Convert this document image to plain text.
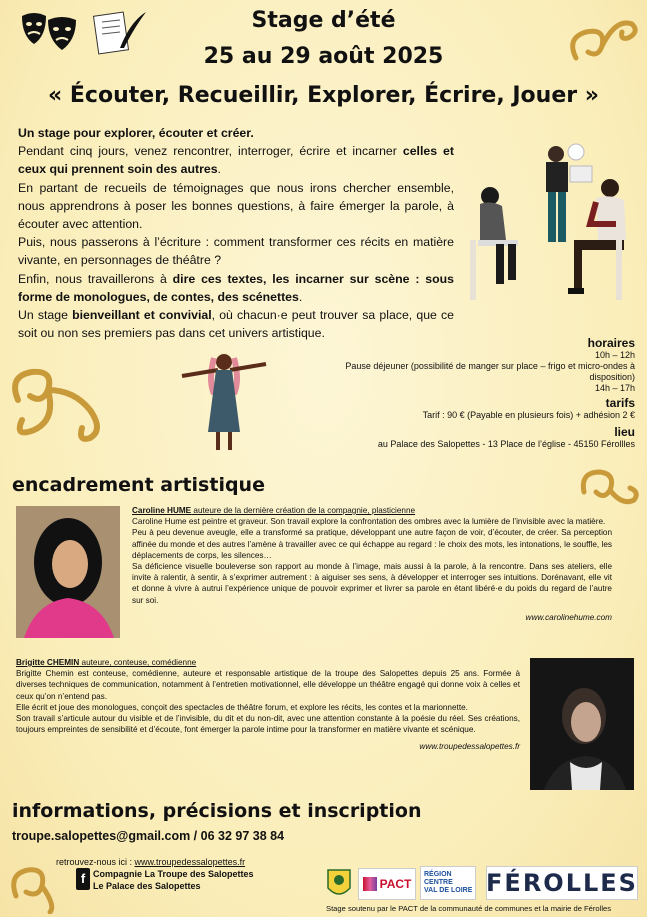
Stage d’été
25 au 29 août 2025
« Écouter, Recueillir, Explorer, Écrire, Jouer »

Un stage pour explorer, écouter et créer.

Pendant cinq jours, venez rencontrer, interroger, écrire et incarner celles et ceux qui prennent soin des autres.

En partant de recueils de témoignages que nous irons chercher ensemble, nous apprendrons à poser les bonnes questions, à faire émerger la parole, à écouter avec attention.

Puis, nous passerons à l’écriture : comment transformer ces récits en matière vivante, en personnages de théâtre ?

Enfin, nous travaillerons à dire ces textes, les incarner sur scène : sous forme de monologues, de contes, des scénettes.

Un stage bienveillant et convivial, où chacun·e peut trouver sa place, que ce soit ou non ses premiers pas dans cet univers artistique.

horaires
10h – 12h
Pause déjeuner (possibilité de manger sur place – frigo et micro-ondes à
disposition)
14h – 17h
tarifs
Tarif : 90 € (Payable en plusieurs fois) + adhésion 2 €
lieu
au Palace des Salopettes - 13 Place de l’église - 45150 Férollles
encadrement artistique
Caroline HUME auteure de la dernière création de la compagnie, plasticienne
Caroline Hume est peintre et graveur. Son travail explore la confrontation des ombres avec la lumière de l’invisible avec la matière.
Peu à peu devenue aveugle, elle a transformé sa pratique, développant une autre façon de voir, d’écouter, de créer. Sa perception affinée du monde et des autres l’amène à travailler avec ce qui échappe au regard : le choix des mots, les intonations, le souffle, les déplacements de corps, les silences…
Sa déficience visuelle bouleverse son rapport au monde à l’image, mais aussi à la parole, à la rencontre. Dans ses ateliers, elle invite à ralentir, à sentir, à s’exprimer autrement : à aiguiser ses sens, à développer et interroger ses intuitions. Dorénavant, elle vit et donne à vivre à autrui l’expérience unique de pouvoir exprimer et livrer sa parole en étant libéré·e du poids du regard de l’autre sur soi.
www.carolinehume.com
Brigitte CHEMIN auteure, conteuse, comédienne
Brigitte Chemin est conteuse, comédienne, auteure et responsable artistique de la troupe des Salopettes depuis 25 ans. Formée à diverses techniques de communication, notamment à l’entretien motivationnel, elle développe un théâtre engagé qui donne voix à celles et ceux qu’on n’entend pas.
Elle écrit et joue des monologues, conçoit des spectacles de théâtre forum, et explore les récits, les contes et la marionnette.
Son travail s’articule autour du visible et de l’invisible, du dit et du non-dit, avec une attention constante à la poésie du réel. Ses créations, toujours empreintes de sensibilité et d’écoute, font émerger la parole intime pour la transformer en matière vivante et scénique.
www.troupedessalopettes.fr
informations, précisions et inscription
troupe.salopettes@gmail.com / 06 32 97 38 84
retrouvez-nous ici : www.troupedessalopettes.fr
f Compagnie La Troupe des Salopettes
Le Palace des Salopettes	PACT
RÉGION
CENTRE
VAL DE LOIRE FÉROLLES
Stage soutenu par le PACT de la communauté de communes et la mairie de Férolles
